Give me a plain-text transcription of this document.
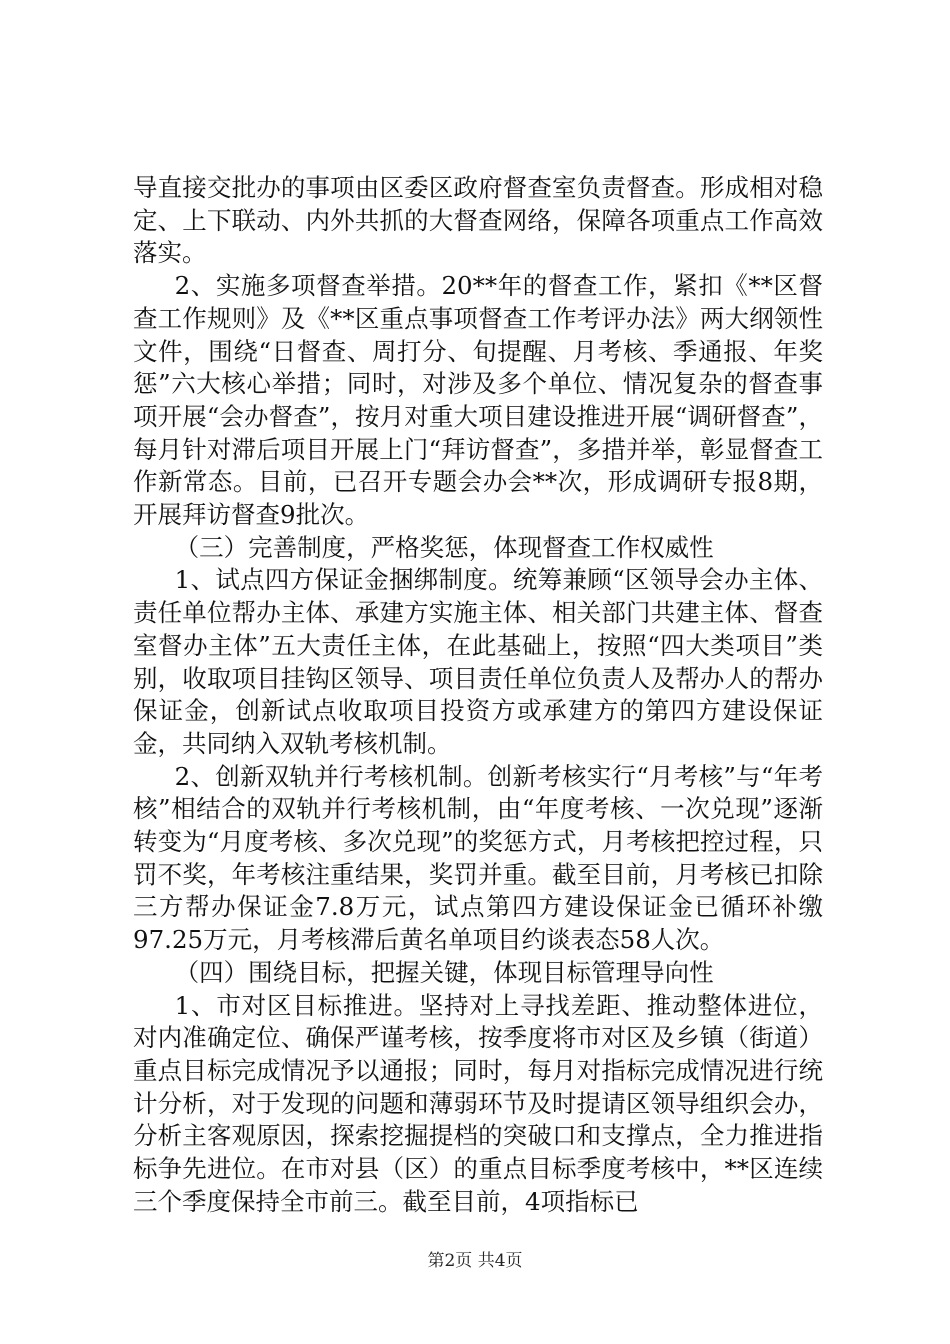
导直接交批办的事项由区委区政府督查室负责督查。形成相对稳定、上下联动、内外共抓的大督查网络，保障各项重点工作高效落实。

2、实施多项督查举措。20**年的督查工作，紧扣《**区督查工作规则》及《**区重点事项督查工作考评办法》两大纲领性文件，围绕“日督查、周打分、旬提醒、月考核、季通报、年奖惩”六大核心举措；同时，对涉及多个单位、情况复杂的督查事项开展“会办督查”，按月对重大项目建设推进开展“调研督查”，每月针对滞后项目开展上门“拜访督查”，多措并举，彰显督查工作新常态。目前，已召开专题会办会**次，形成调研专报8期，开展拜访督查9批次。

（三）完善制度，严格奖惩，体现督查工作权威性

1、试点四方保证金捆绑制度。统筹兼顾“区领导会办主体、责任单位帮办主体、承建方实施主体、相关部门共建主体、督查室督办主体”五大责任主体，在此基础上，按照“四大类项目”类别，收取项目挂钩区领导、项目责任单位负责人及帮办人的帮办保证金，创新试点收取项目投资方或承建方的第四方建设保证金，共同纳入双轨考核机制。

2、创新双轨并行考核机制。创新考核实行“月考核”与“年考核”相结合的双轨并行考核机制，由“年度考核、一次兑现”逐渐转变为“月度考核、多次兑现”的奖惩方式，月考核把控过程，只罚不奖，年考核注重结果，奖罚并重。截至目前，月考核已扣除三方帮办保证金7.8万元，试点第四方建设保证金已循环补缴97.25万元，月考核滞后黄名单项目约谈表态58人次。

（四）围绕目标，把握关键，体现目标管理导向性

1、市对区目标推进。坚持对上寻找差距、推动整体进位，对内准确定位、确保严谨考核，按季度将市对区及乡镇（街道）重点目标完成情况予以通报；同时，每月对指标完成情况进行统计分析，对于发现的问题和薄弱环节及时提请区领导组织会办，分析主客观原因，探索挖掘提档的突破口和支撑点，全力推进指标争先进位。在市对县（区）的重点目标季度考核中，**区连续三个季度保持全市前三。截至目前，4项指标已

第2页 共4页
